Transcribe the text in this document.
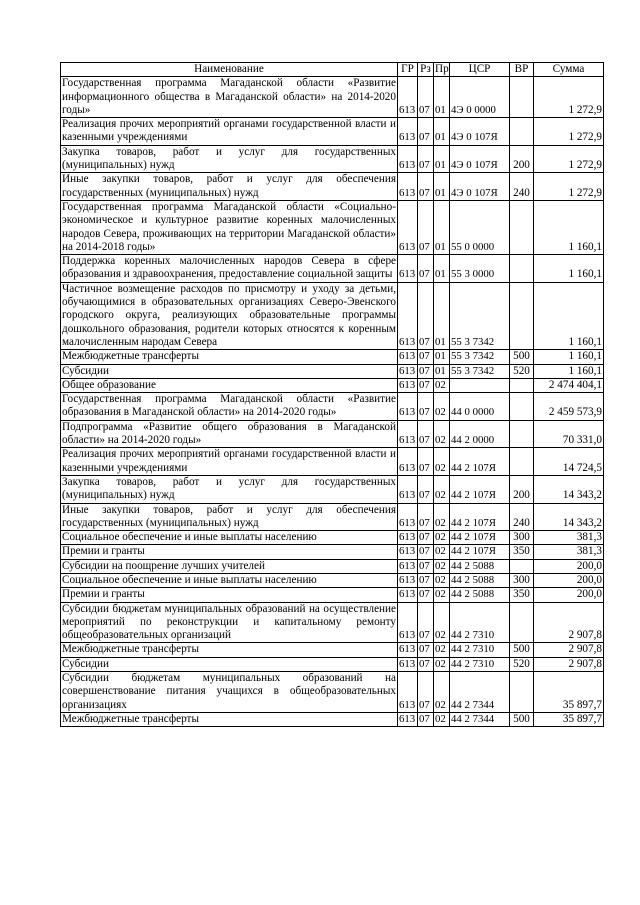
Наименование	ГР	Рз	Пр	ЦСР	ВР	Сумма
Государственная программа Магаданской области «Развитие информационного общества в Магаданской области» на 2014-2020 годы»	613	07	01	4Э 0 0000		1 272,9
Реализация прочих мероприятий органами государственной власти и казенными учреждениями	613	07	01	4Э 0 107Я		1 272,9
Закупка товаров, работ и услуг для государственных (муниципальных) нужд	613	07	01	4Э 0 107Я	200	1 272,9
Иные закупки товаров, работ и услуг для обеспечения государственных (муниципальных) нужд	613	07	01	4Э 0 107Я	240	1 272,9
Государственная программа Магаданской области «Социально-экономическое и культурное развитие коренных малочисленных народов Севера, проживающих на территории Магаданской области» на 2014-2018 годы»	613	07	01	55 0 0000		1 160,1
Поддержка коренных малочисленных народов Севера в сфере образования и здравоохранения, предоставление социальной защиты	613	07	01	55 3 0000		1 160,1
Частичное возмещение расходов по присмотру и уходу за детьми, обучающимися в образовательных организациях Северо-Эвенского городского округа, реализующих образовательные программы дошкольного образования, родители которых относятся к коренным малочисленным народам Севера	613	07	01	55 3 7342		1 160,1
Межбюджетные трансферты	613	07	01	55 3 7342	500	1 160,1
Субсидии	613	07	01	55 3 7342	520	1 160,1
Общее образование	613	07	02			2 474 404,1
Государственная программа Магаданской области «Развитие образования в Магаданской области» на 2014-2020 годы»	613	07	02	44 0 0000		2 459 573,9
Подпрограмма «Развитие общего образования в Магаданской области» на 2014-2020 годы»	613	07	02	44 2 0000		70 331,0
Реализация прочих мероприятий органами государственной власти и казенными учреждениями	613	07	02	44 2 107Я		14 724,5
Закупка товаров, работ и услуг для государственных (муниципальных) нужд	613	07	02	44 2 107Я	200	14 343,2
Иные закупки товаров, работ и услуг для обеспечения государственных (муниципальных) нужд	613	07	02	44 2 107Я	240	14 343,2
Социальное обеспечение и иные выплаты населению	613	07	02	44 2 107Я	300	381,3
Премии и гранты	613	07	02	44 2 107Я	350	381,3
Субсидии на поощрение лучших учителей	613	07	02	44 2 5088		200,0
Социальное обеспечение и иные выплаты населению	613	07	02	44 2 5088	300	200,0
Премии и гранты	613	07	02	44 2 5088	350	200,0
Субсидии бюджетам муниципальных образований на осуществление мероприятий по реконструкции и капитальному ремонту общеобразовательных организаций	613	07	02	44 2 7310		2 907,8
Межбюджетные трансферты	613	07	02	44 2 7310	500	2 907,8
Субсидии	613	07	02	44 2 7310	520	2 907,8
Субсидии бюджетам муниципальных образований на совершенствование питания учащихся в общеобразовательных организациях	613	07	02	44 2 7344		35 897,7
Межбюджетные трансферты	613	07	02	44 2 7344	500	35 897,7
